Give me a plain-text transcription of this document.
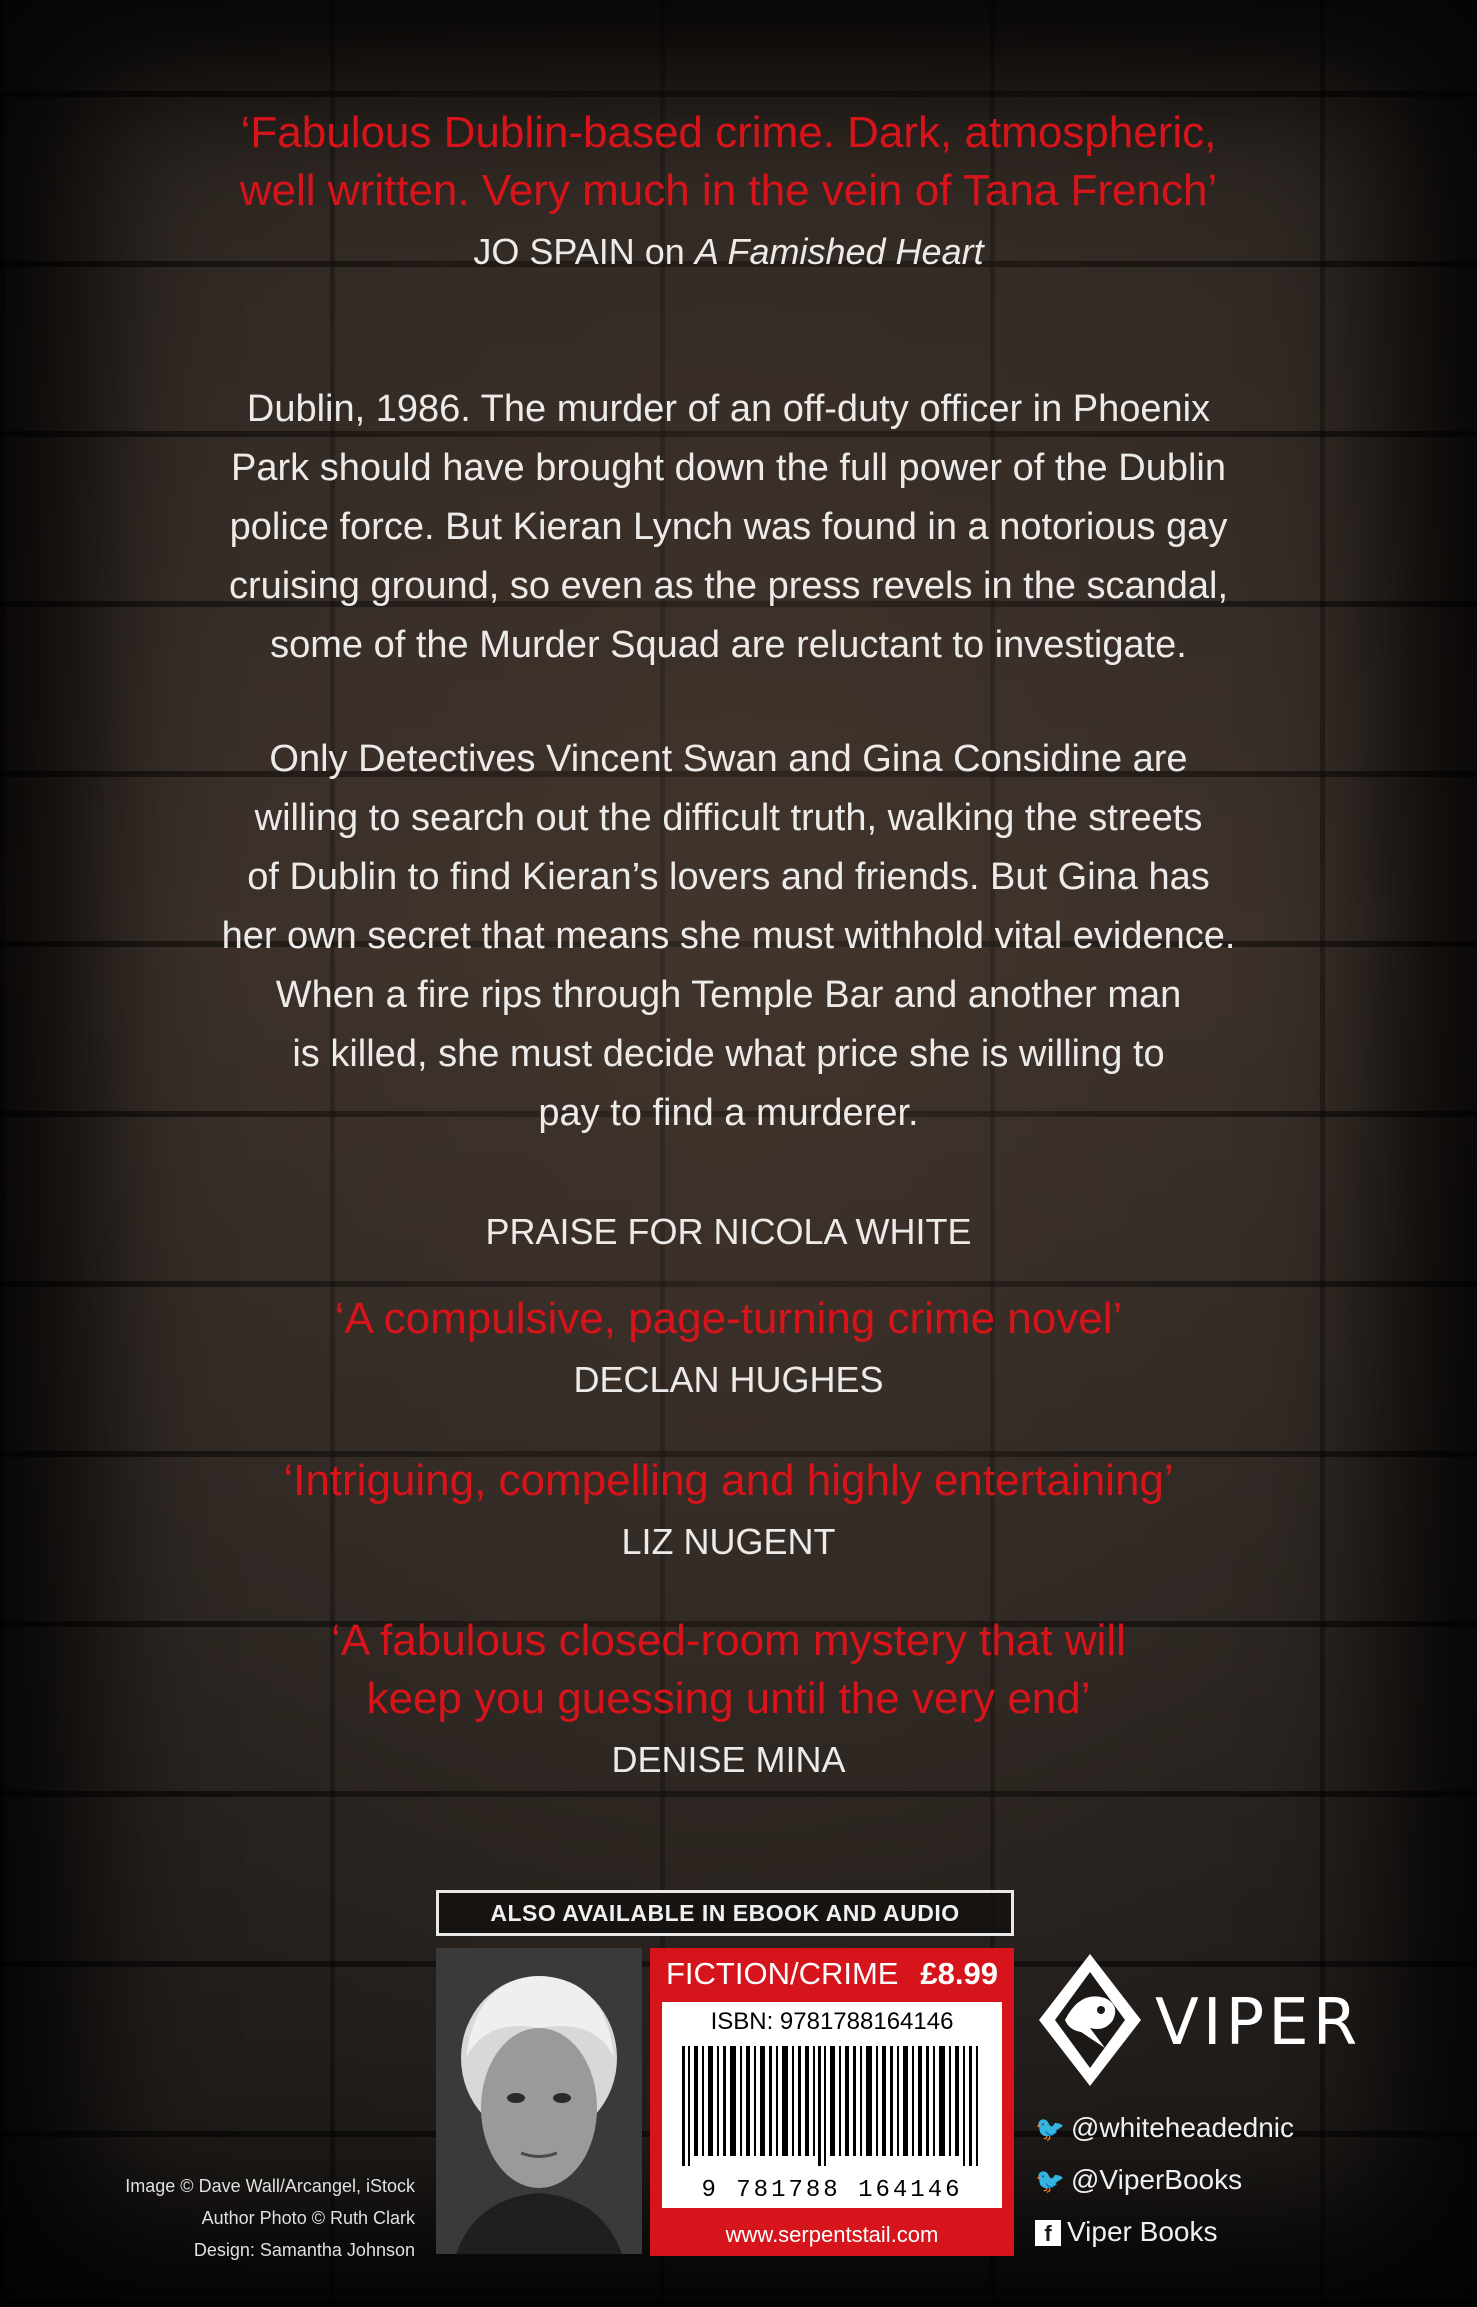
‘Fabulous Dublin-based crime. Dark, atmospheric,
well written. Very much in the vein of Tana French’
JO SPAIN on A Famished Heart
Dublin, 1986. The murder of an off-duty officer in Phoenix
Park should have brought down the full power of the Dublin
police force. But Kieran Lynch was found in a notorious gay
cruising ground, so even as the press revels in the scandal,
some of the Murder Squad are reluctant to investigate.
Only Detectives Vincent Swan and Gina Considine are
willing to search out the difficult truth, walking the streets
of Dublin to find Kieran’s lovers and friends. But Gina has
her own secret that means she must withhold vital evidence.
When a fire rips through Temple Bar and another man
is killed, she must decide what price she is willing to
pay to find a murderer.
PRAISE FOR NICOLA WHITE
‘A compulsive, page-turning crime novel’
DECLAN HUGHES
‘Intriguing, compelling and highly entertaining’
LIZ NUGENT
‘A fabulous closed-room mystery that will
keep you guessing until the very end’
DENISE MINA
ALSO AVAILABLE IN EBOOK AND AUDIO
FICTION/CRIME £8.99
ISBN: 9781788164146
9 781788 164146
www.serpentstail.com
VIPER
🐦 @whiteheadednic
🐦 @ViperBooks
f Viper Books
Image © Dave Wall/Arcangel, iStock
Author Photo © Ruth Clark
Design: Samantha Johnson
